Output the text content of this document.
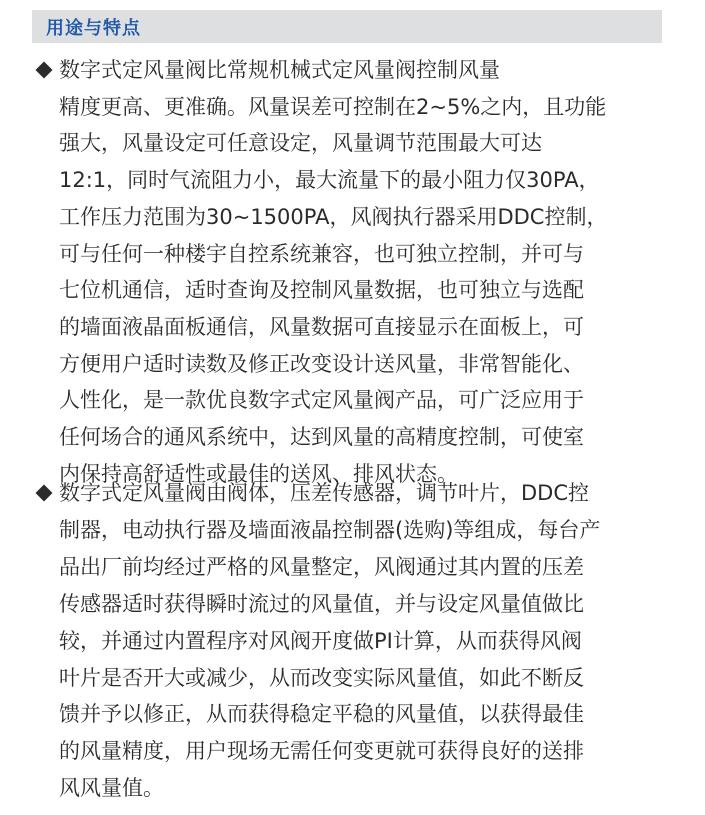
用途与特点
数字式定风量阀比常规机械式定风量阀控制风量
精度更高、更准确。风量误差可控制在2~5%之内，且功能
强大，风量设定可任意设定，风量调节范围最大可达
12:1，同时气流阻力小，最大流量下的最小阻力仅30PA，
工作压力范围为30~1500PA，风阀执行器采用DDC控制，
可与任何一种楼宇自控系统兼容，也可独立控制，并可与
七位机通信，适时查询及控制风量数据，也可独立与选配
的墙面液晶面板通信，风量数据可直接显示在面板上，可
方便用户适时读数及修正改变设计送风量，非常智能化、
人性化，是一款优良数字式定风量阀产品，可广泛应用于
任何场合的通风系统中，达到风量的高精度控制，可使室
内保持高舒适性或最佳的送风、排风状态。
数字式定风量阀由阀体，压差传感器，调节叶片，DDC控
制器，电动执行器及墙面液晶控制器(选购)等组成，每台产
品出厂前均经过严格的风量整定，风阀通过其内置的压差
传感器适时获得瞬时流过的风量值，并与设定风量值做比
较，并通过内置程序对风阀开度做PI计算，从而获得风阀
叶片是否开大或减少，从而改变实际风量值，如此不断反
馈并予以修正，从而获得稳定平稳的风量值，以获得最佳
的风量精度，用户现场无需任何变更就可获得良好的送排
风风量值。
